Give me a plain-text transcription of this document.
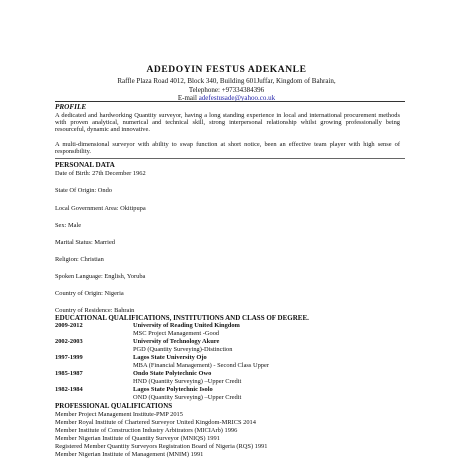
ADEDOYIN FESTUS ADEKANLE
Raffle Plaza Road 4012, Block 340, Building 601Juffar, Kingdom of Bahrain,
Telephone: +97334384396
E-mail adefestusade@yahoo.co.uk
PROFILE
A dedicated and hardworking Quantity surveyor, having a long standing experience in local and international procurement methods with proven analytical, numerical and technical skill, strong interpersonal relationship whilst growing professionally being resourceful, dynamic and innovative.
A multi-dimensional surveyor with ability to swap function at short notice, been an effective team player with high sense of responsibility.
PERSONAL DATA
Date of Birth: 27th December 1962
State Of Origin: Ondo
Local Government Area: Okitipupa
Sex: Male
Marital Status: Married
Religion: Christian
Spoken Language: English, Yoruba
Country of Origin: Nigeria
Country of Residence: Bahrain
EDUCATIONAL QUALIFICATIONS, INSTITUTIONS AND CLASS OF DEGREE.
2009-2012	University of Reading United Kingdom
MSC Project Management -Good
2002-2003	University of Technology Akure
PGD (Quantity Surveying)-Distinction
1997-1999	Lagos State University Ojo
MBA (Financial Management) - Second Class Upper
1985-1987	Ondo State Polytechnic Owo
HND (Quantity Surveying) –Upper Credit
1982-1984	Lagos State Polytechnic Isolo
OND (Quantity Surveying) –Upper Credit
PROFESSIONAL QUALIFICATIONS
Member Project Management Institute-PMP 2015
Member Royal Institute of Chartered Surveyor United Kingdom-MRICS 2014
Member Institute of Construction Industry Arbitrators (MICIArb) 1996
Member Nigerian Institute of Quantity Surveyor (MNIQS) 1991
Registered Member Quantity Surveyors Registration Board of Nigeria (RQS) 1991
Member Nigerian Institute of Management (MNIM) 1991
